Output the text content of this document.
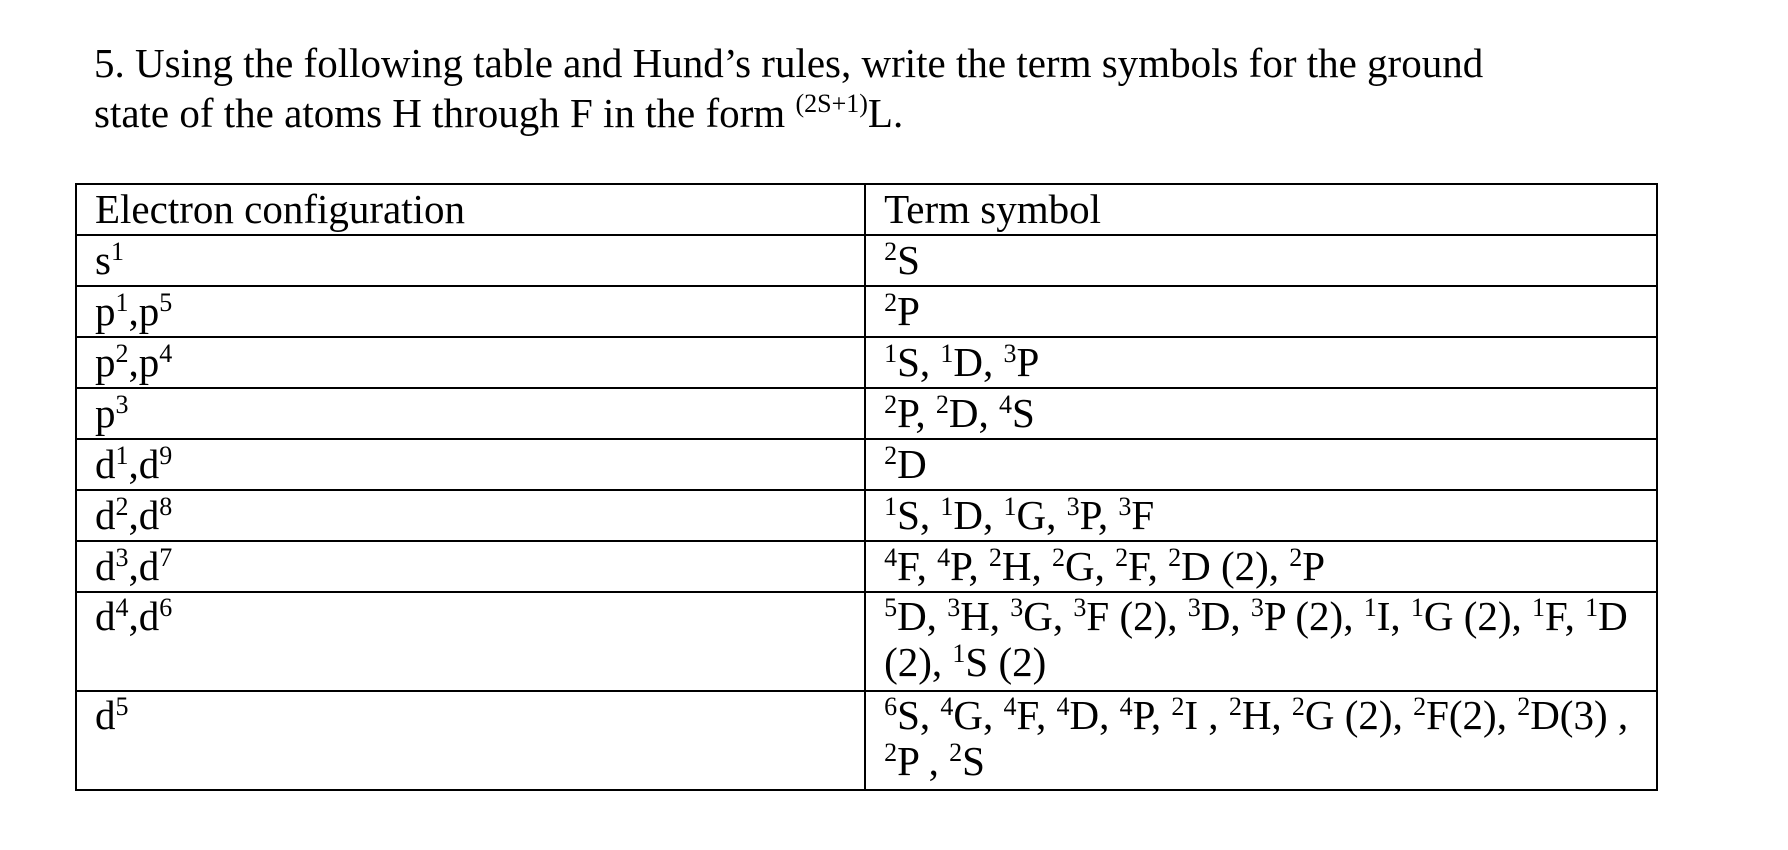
5. Using the following table and Hund’s rules, write the term symbols for the ground
state of the atoms H through F in the form $^{(2S+1)}$L.
Electron configuration	Term symbol
$s^1$	$^2$S
$p^1,p^5$	$^2$P
$p^2,p^4$	$^1$S, $^1$D, $^3$P
$p^3$	$^2$P, $^2$D, $^4$S
$d^1,d^9$	$^2$D
$d^2,d^8$	$^1$S, $^1$D, $^1$G, $^3$P, $^3$F
$d^3,d^7$	$^4$F, $^4$P, $^2$H, $^2$G, $^2$F, $^2$D (2), $^2$P
$d^4,d^6$	$^5$D, $^3$H, $^3$G, $^3$F (2), $^3$D, $^3$P (2), $^1$I, $^1$G (2), $^1$F, $^1$D (2), $^1$S (2)
$d^5$	$^6$S, $^4$G, $^4$F, $^4$D, $^4$P, $^2$I , $^2$H, $^2$G (2), $^2$F(2), $^2$D(3) , $^2$P , $^2$S
